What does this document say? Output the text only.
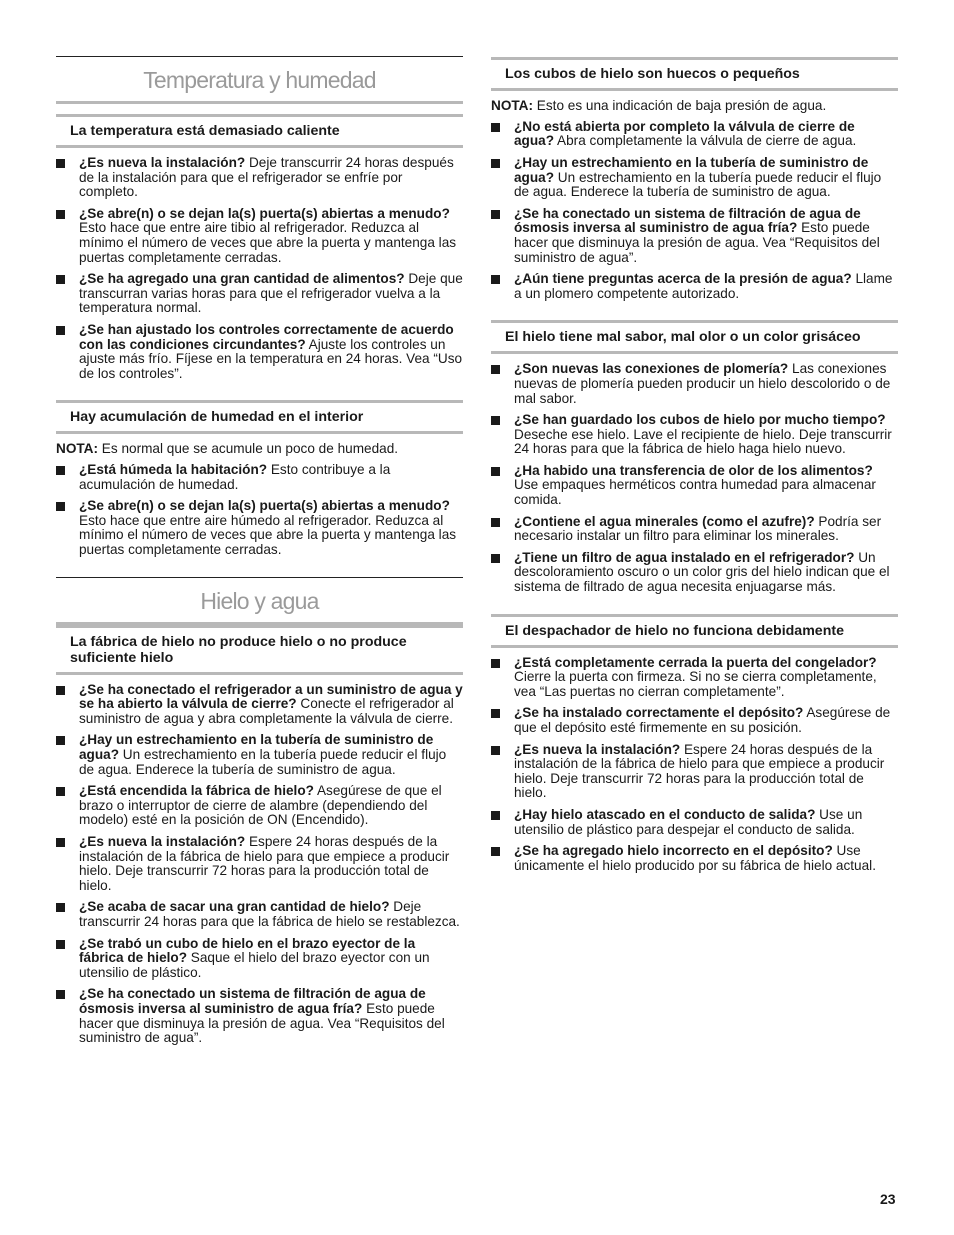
Temperatura y humedad
La temperatura está demasiado caliente
¿Es nueva la instalación? Deje transcurrir 24 horas después de la instalación para que el refrigerador se enfríe por completo.
¿Se abre(n) o se dejan la(s) puerta(s) abiertas a menudo? Esto hace que entre aire tibio al refrigerador. Reduzca al mínimo el número de veces que abre la puerta y mantenga las puertas completamente cerradas.
¿Se ha agregado una gran cantidad de alimentos? Deje que transcurran varias horas para que el refrigerador vuelva a la temperatura normal.
¿Se han ajustado los controles correctamente de acuerdo con las condiciones circundantes? Ajuste los controles un ajuste más frío. Fíjese en la temperatura en 24 horas. Vea “Uso de los controles”.
Hay acumulación de humedad en el interior

NOTA: Es normal que se acumule un poco de humedad.

¿Está húmeda la habitación? Esto contribuye a la acumulación de humedad.
¿Se abre(n) o se dejan la(s) puerta(s) abiertas a menudo? Esto hace que entre aire húmedo al refrigerador. Reduzca al mínimo el número de veces que abre la puerta y mantenga las puertas completamente cerradas.
Hielo y agua
La fábrica de hielo no produce hielo o no produce suficiente hielo
¿Se ha conectado el refrigerador a un suministro de agua y se ha abierto la válvula de cierre? Conecte el refrigerador al suministro de agua y abra completamente la válvula de cierre.
¿Hay un estrechamiento en la tubería de suministro de agua? Un estrechamiento en la tubería puede reducir el flujo de agua. Enderece la tubería de suministro de agua.
¿Está encendida la fábrica de hielo? Asegúrese de que el brazo o interruptor de cierre de alambre (dependiendo del modelo) esté en la posición de ON (Encendido).
¿Es nueva la instalación? Espere 24 horas después de la instalación de la fábrica de hielo para que empiece a producir hielo. Deje transcurrir 72 horas para la producción total de hielo.
¿Se acaba de sacar una gran cantidad de hielo? Deje transcurrir 24 horas para que la fábrica de hielo se restablezca.
¿Se trabó un cubo de hielo en el brazo eyector de la fábrica de hielo? Saque el hielo del brazo eyector con un utensilio de plástico.
¿Se ha conectado un sistema de filtración de agua de ósmosis inversa al suministro de agua fría? Esto puede hacer que disminuya la presión de agua. Vea “Requisitos del suministro de agua”.
Los cubos de hielo son huecos o pequeños

NOTA: Esto es una indicación de baja presión de agua.

¿No está abierta por completo la válvula de cierre de agua? Abra completamente la válvula de cierre de agua.
¿Hay un estrechamiento en la tubería de suministro de agua? Un estrechamiento en la tubería puede reducir el flujo de agua. Enderece la tubería de suministro de agua.
¿Se ha conectado un sistema de filtración de agua de ósmosis inversa al suministro de agua fría? Esto puede hacer que disminuya la presión de agua. Vea “Requisitos del suministro de agua”.
¿Aún tiene preguntas acerca de la presión de agua? Llame a un plomero competente autorizado.
El hielo tiene mal sabor, mal olor o un color grisáceo
¿Son nuevas las conexiones de plomería? Las conexiones nuevas de plomería pueden producir un hielo descolorido o de mal sabor.
¿Se han guardado los cubos de hielo por mucho tiempo? Deseche ese hielo. Lave el recipiente de hielo. Deje transcurrir 24 horas para que la fábrica de hielo haga hielo nuevo.
¿Ha habido una transferencia de olor de los alimentos? Use empaques herméticos contra humedad para almacenar comida.
¿Contiene el agua minerales (como el azufre)? Podría ser necesario instalar un filtro para eliminar los minerales.
¿Tiene un filtro de agua instalado en el refrigerador? Un descoloramiento oscuro o un color gris del hielo indican que el sistema de filtrado de agua necesita enjuagarse más.
El despachador de hielo no funciona debidamente
¿Está completamente cerrada la puerta del congelador? Cierre la puerta con firmeza. Si no se cierra completamente, vea “Las puertas no cierran completamente”.
¿Se ha instalado correctamente el depósito? Asegúrese de que el depósito esté firmemente en su posición.
¿Es nueva la instalación? Espere 24 horas después de la instalación de la fábrica de hielo para que empiece a producir hielo. Deje transcurrir 72 horas para la producción total de hielo.
¿Hay hielo atascado en el conducto de salida? Use un utensilio de plástico para despejar el conducto de salida.
¿Se ha agregado hielo incorrecto en el depósito? Use únicamente el hielo producido por su fábrica de hielo actual.
23
